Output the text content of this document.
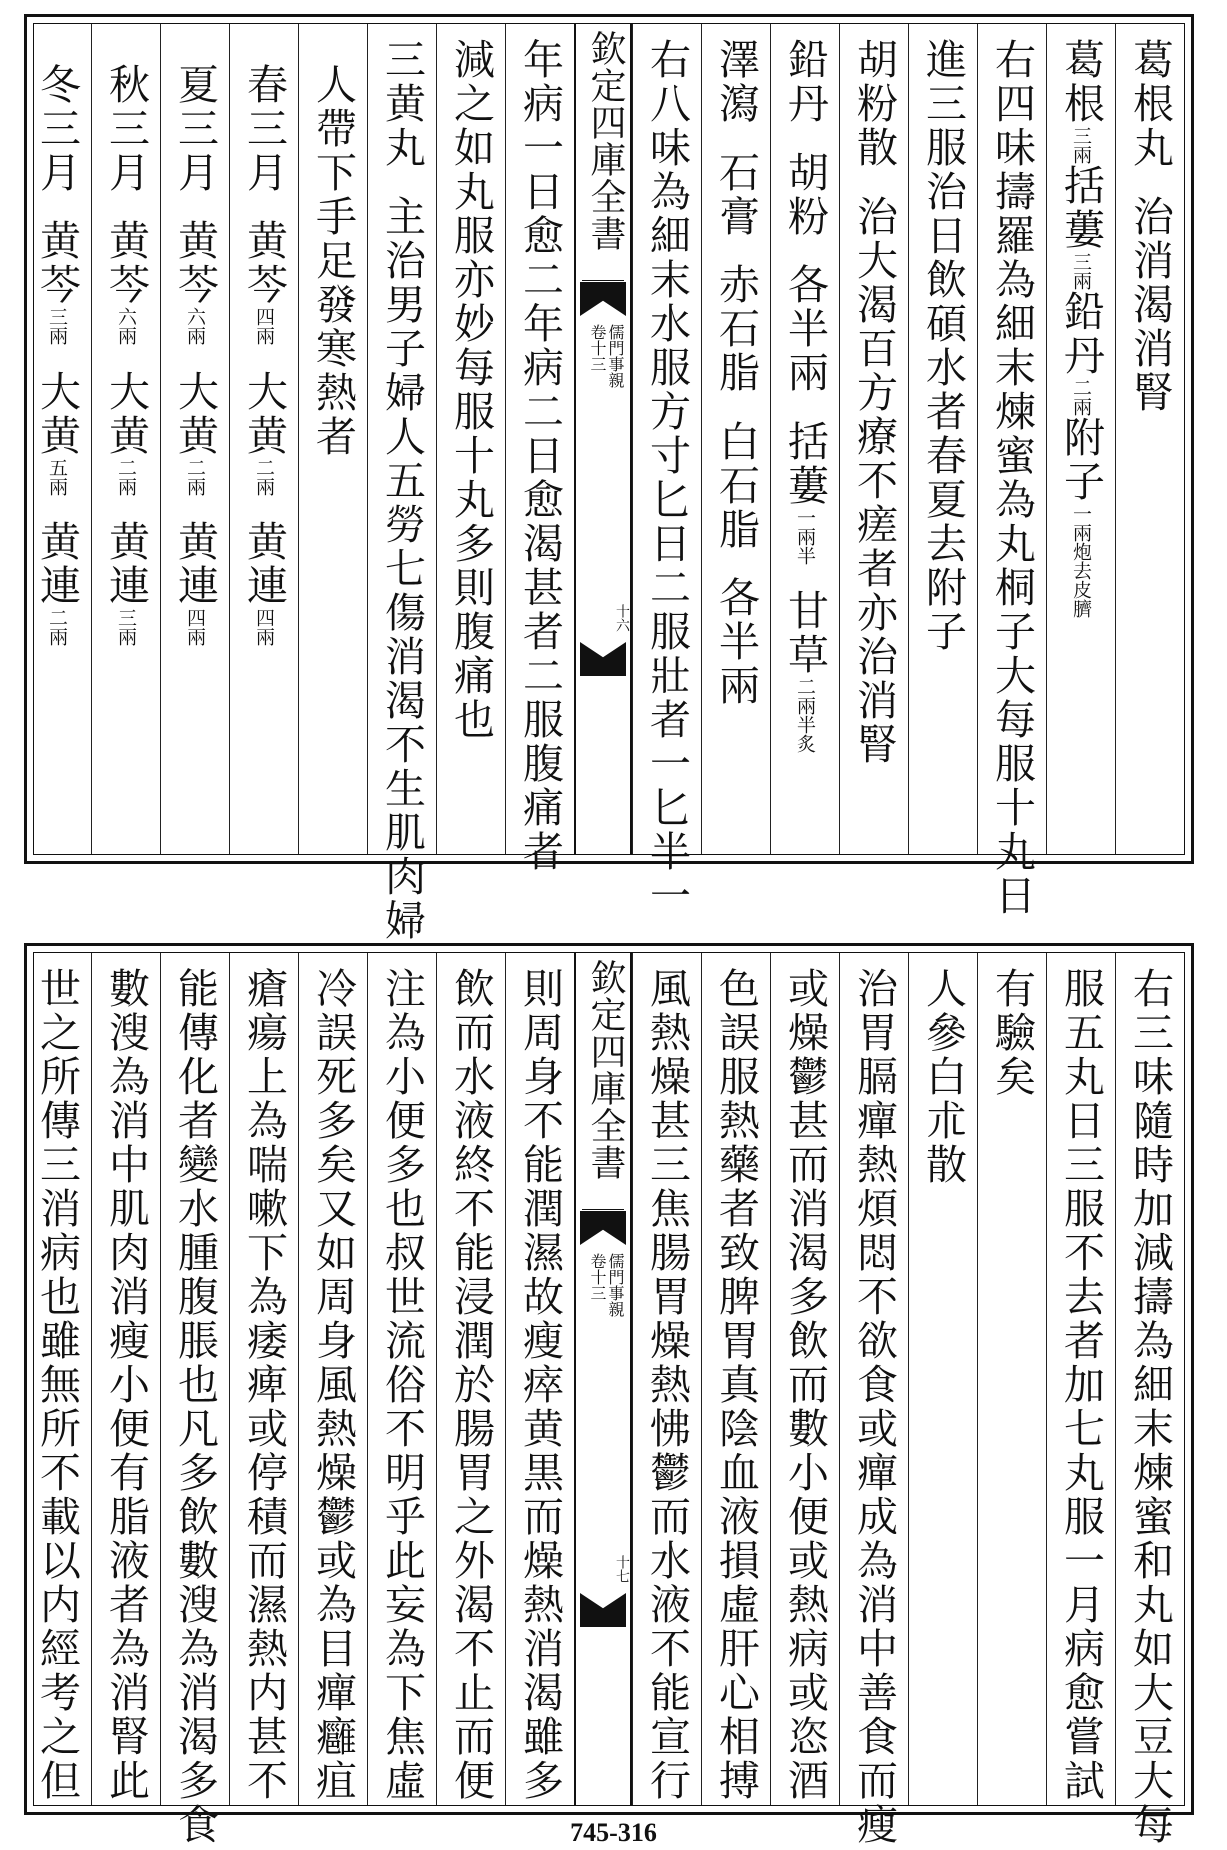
葛根丸治消渴消腎
葛根三兩括蔞三兩鉛丹二兩附子一兩炮去皮臍
右四味擣羅為細末煉蜜為丸桐子大每服十丸日
進三服治日飲碩水者春夏去附子
胡粉散治大渴百方療不瘥者亦治消腎
鉛丹胡粉各半兩括蔞一兩半甘草二兩半炙
澤瀉石膏赤石脂白石脂各半兩
右八味為細末水服方寸匕日二服壯者一匕半一
欽定四庫全書
儒門事親
卷十三
十六
年病一日愈二年病二日愈渴甚者二服腹痛者
減之如丸服亦妙每服十丸多則腹痛也
三黄丸主治男子婦人五勞七傷消渴不生肌肉婦
人帶下手足發寒熱者
春三月黄芩四兩大黄二兩黄連四兩
夏三月黄芩六兩大黄二兩黄連四兩
秋三月黄芩六兩大黄二兩黄連三兩
冬三月黄芩三兩大黄五兩黄連二兩
右三味隨時加減擣為細末煉蜜和丸如大豆大每
服五丸日三服不去者加七丸服一月病愈嘗試
有驗矣
人參白朮散
治胃膈癉熱煩悶不欲食或癉成為消中善食而瘦
或燥鬱甚而消渴多飲而數小便或熱病或恣酒
色誤服熱藥者致脾胃真陰血液損虛肝心相搏
風熱燥甚三焦腸胃燥熱怫鬱而水液不能宣行
欽定四庫全書
儒門事親
卷十三
十七
則周身不能潤濕故瘦瘁黄黒而燥熱消渴雖多
飲而水液終不能浸潤於腸胃之外渴不止而便
注為小便多也叔世流俗不明乎此妄為下焦虛
冷誤死多矣又如周身風熱燥鬱或為目癉癰疽
瘡瘍上為喘嗽下為痿痺或停積而濕熱内甚不
能傳化者變水腫腹脹也凡多飲數溲為消渴多食
數溲為消中肌肉消瘦小便有脂液者為消腎此
世之所傳三消病也雖無所不載以内經考之但
745-316
